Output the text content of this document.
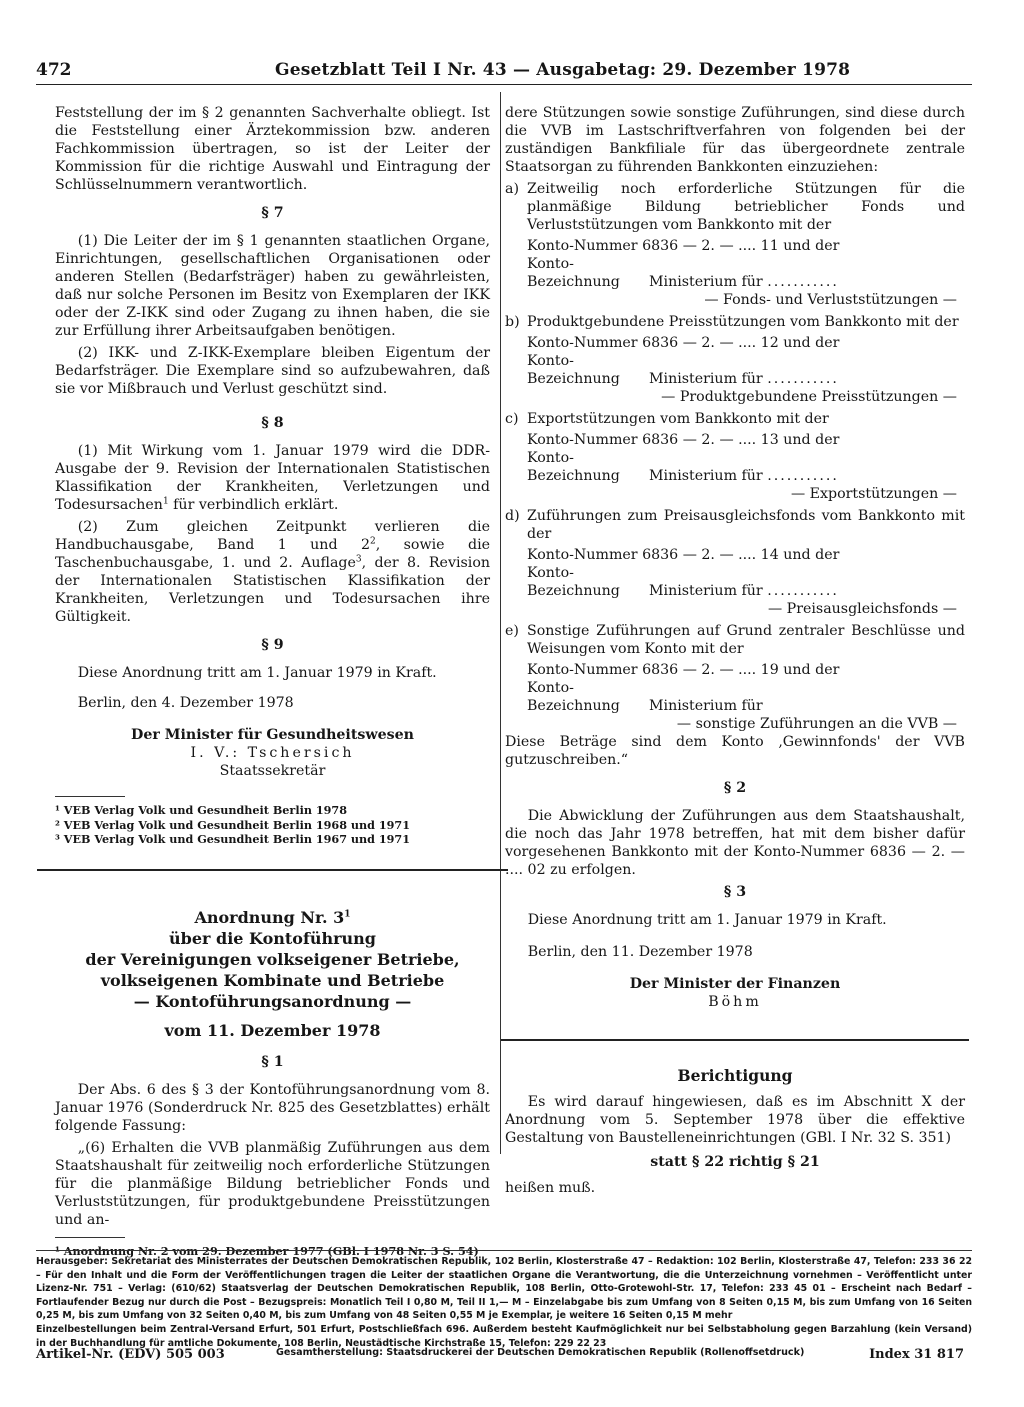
472	Gesetzblatt Teil I Nr. 43 — Ausgabetag: 29. Dezember 1978

Feststellung der im § 2 genannten Sachverhalte obliegt. Ist die Feststellung einer Ärztekommission bzw. anderen Fachkommission übertragen, so ist der Leiter der Kommission für die richtige Auswahl und Eintragung der Schlüsselnummern verantwortlich.

§ 7

(1) Die Leiter der im § 1 genannten staatlichen Organe, Einrichtungen, gesellschaftlichen Organisationen oder anderen Stellen (Bedarfsträger) haben zu gewährleisten, daß nur solche Personen im Besitz von Exemplaren der IKK oder der Z-IKK sind oder Zugang zu ihnen haben, die sie zur Erfüllung ihrer Arbeitsaufgaben benötigen.

(2) IKK- und Z-IKK-Exemplare bleiben Eigentum der Bedarfsträger. Die Exemplare sind so aufzubewahren, daß sie vor Mißbrauch und Verlust geschützt sind.

§ 8

(1) Mit Wirkung vom 1. Januar 1979 wird die DDR-Ausgabe der 9. Revision der Internationalen Statistischen Klassifikation der Krankheiten, Verletzungen und Todesursachen$^1$ für verbindlich erklärt.

(2) Zum gleichen Zeitpunkt verlieren die Handbuchausgabe, Band 1 und $2^2$, sowie die Taschenbuchausgabe, 1. und 2. Auflage$^3$, der 8. Revision der Internationalen Statistischen Klassifikation der Krankheiten, Verletzungen und Todesursachen ihre Gültigkeit.

§ 9

Diese Anordnung tritt am 1. Januar 1979 in Kraft.

Berlin, den 4. Dezember 1978

Der Minister für Gesundheitswesen

I. V.: Tschersich

Staatssekretär

¹ VEB Verlag Volk und Gesundheit Berlin 1978

² VEB Verlag Volk und Gesundheit Berlin 1968 und 1971

³ VEB Verlag Volk und Gesundheit Berlin 1967 und 1971

Anordnung Nr. $3^1$

über die Kontoführung

der Vereinigungen volkseigener Betriebe,

volkseigenen Kombinate und Betriebe

— Kontoführungsanordnung —

vom 11. Dezember 1978

§ 1

Der Abs. 6 des § 3 der Kontoführungsanordnung vom 8. Januar 1976 (Sonderdruck Nr. 825 des Gesetzblattes) erhält folgende Fassung:

„(6) Erhalten die VVB planmäßig Zuführungen aus dem Staatshaushalt für zeitweilig noch erforderliche Stützungen für die planmäßige Bildung betrieblicher Fonds und Verluststützungen, für produktgebundene Preisstützungen und an-

¹ Anordnung Nr. 2 vom 29. Dezember 1977 (GBl. I 1978 Nr. 3 S. 54)

dere Stützungen sowie sonstige Zuführungen, sind diese durch die VVB im Lastschriftverfahren von folgenden bei der zuständigen Bankfiliale für das übergeordnete zentrale Staatsorgan zu führenden Bankkonten einzuziehen:

a) Zeitweilig noch erforderliche Stützungen für die planmäßige Bildung betrieblicher Fonds und Verluststützungen vom Bankkonto mit der

Konto-Nummer 6836 — 2. — .... 11 und der

Konto-
Bezeichnung	Ministerium für ...........

— Fonds- und Verluststützungen —

b) Produktgebundene Preisstützungen vom Bankkonto mit der

Konto-Nummer 6836 — 2. — .... 12 und der

Konto-
Bezeichnung	Ministerium für ...........

— Produktgebundene Preisstützungen —

c) Exportstützungen vom Bankkonto mit der

Konto-Nummer 6836 — 2. — .... 13 und der

Konto-
Bezeichnung	Ministerium für ...........

— Exportstützungen —

d) Zuführungen zum Preisausgleichsfonds vom Bankkonto mit der

Konto-Nummer 6836 — 2. — .... 14 und der

Konto-
Bezeichnung	Ministerium für ...........

— Preisausgleichsfonds —

e) Sonstige Zuführungen auf Grund zentraler Beschlüsse und Weisungen vom Konto mit der

Konto-Nummer 6836 — 2. — .... 19 und der

Konto-
Bezeichnung	Ministerium für

— sonstige Zuführungen an die VVB —

Diese Beträge sind dem Konto ‚Gewinnfonds' der VVB gutzuschreiben.“

§ 2

Die Abwicklung der Zuführungen aus dem Staatshaushalt, die noch das Jahr 1978 betreffen, hat mit dem bisher dafür vorgesehenen Bankkonto mit der Konto-Nummer 6836 — 2. — .... 02 zu erfolgen.

§ 3

Diese Anordnung tritt am 1. Januar 1979 in Kraft.

Berlin, den 11. Dezember 1978

Der Minister der Finanzen

Böhm

Berichtigung

Es wird darauf hingewiesen, daß es im Abschnitt X der Anordnung vom 5. September 1978 über die effektive Gestaltung von Baustelleneinrichtungen (GBl. I Nr. 32 S. 351)

statt § 22 richtig § 21

heißen muß.

Herausgeber: Sekretariat des Ministerrates der Deutschen Demokratischen Republik, 102 Berlin, Klosterstraße 47 – Redaktion: 102 Berlin, Klosterstraße 47, Telefon: 233 36 22 – Für den Inhalt und die Form der Veröffentlichungen tragen die Leiter der staatlichen Organe die Verantwortung, die die Unterzeichnung vornehmen – Veröffentlicht unter Lizenz-Nr. 751 – Verlag: (610/62) Staatsverlag der Deutschen Demokratischen Republik, 108 Berlin, Otto-Grotewohl-Str. 17, Telefon: 233 45 01 – Erscheint nach Bedarf – Fortlaufender Bezug nur durch die Post – Bezugspreis: Monatlich Teil I 0,80 M, Teil II 1,— M – Einzelabgabe bis zum Umfang von 8 Seiten 0,15 M, bis zum Umfang von 16 Seiten 0,25 M, bis zum Umfang von 32 Seiten 0,40 M, bis zum Umfang von 48 Seiten 0,55 M je Exemplar, je weitere 16 Seiten 0,15 M mehr

Einzelbestellungen beim Zentral-Versand Erfurt, 501 Erfurt, Postschließfach 696. Außerdem besteht Kaufmöglichkeit nur bei Selbstabholung gegen Barzahlung (kein Versand) in der Buchhandlung für amtliche Dokumente, 108 Berlin, Neustädtische Kirchstraße 15, Telefon: 229 22 23

Artikel-Nr. (EDV) 505 003	Gesamtherstellung: Staatsdruckerei der Deutschen Demokratischen Republik (Rollenoffsetdruck)	Index 31 817
